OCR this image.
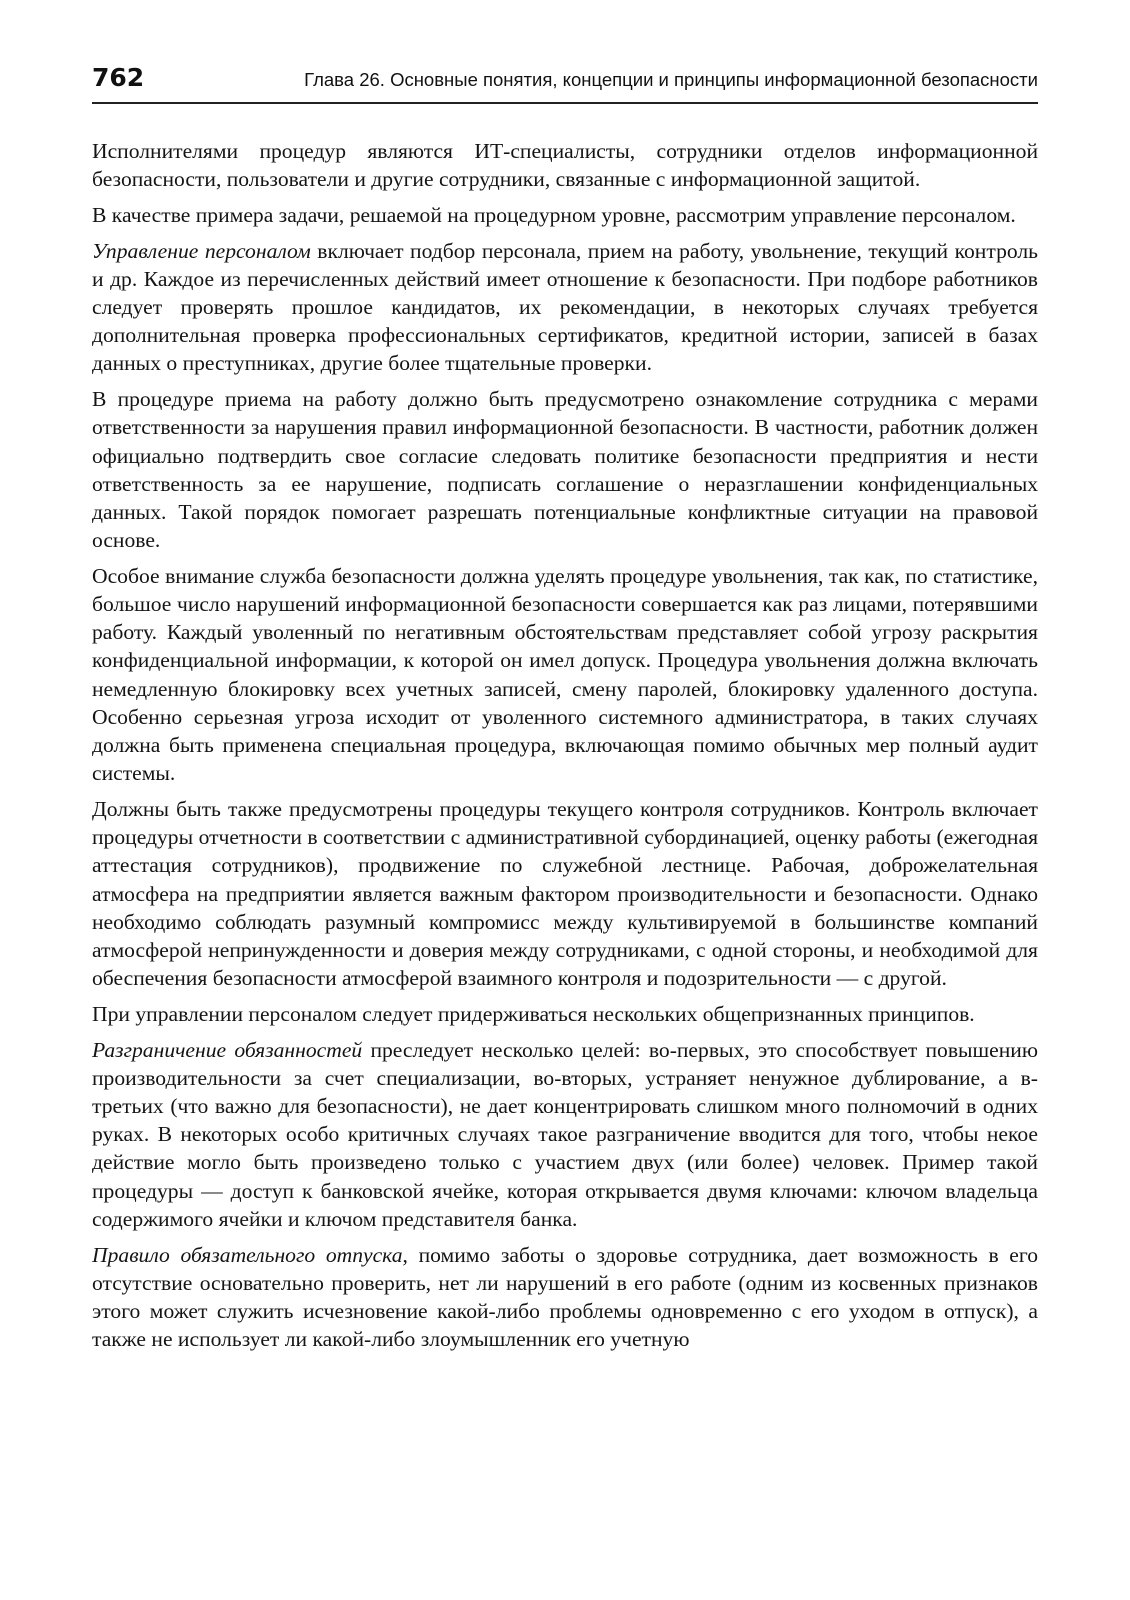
762	Глава 26. Основные понятия, концепции и принципы информационной безопасности

Исполнителями процедур являются ИТ-специалисты, сотрудники отделов информационной безопасности, пользователи и другие сотрудники, связанные с информационной защитой.

В качестве примера задачи, решаемой на процедурном уровне, рассмотрим управление персоналом.

Управление персоналом включает подбор персонала, прием на работу, увольнение, текущий контроль и др. Каждое из перечисленных действий имеет отношение к безопасности. При подборе работников следует проверять прошлое кандидатов, их рекомендации, в некоторых случаях требуется дополнительная проверка профессиональных сертификатов, кредитной истории, записей в базах данных о преступниках, другие более тщательные проверки.

В процедуре приема на работу должно быть предусмотрено ознакомление сотрудника с мерами ответственности за нарушения правил информационной безопасности. В частности, работник должен официально подтвердить свое согласие следовать политике безопасности предприятия и нести ответственность за ее нарушение, подписать соглашение о неразглашении конфиденциальных данных. Такой порядок помогает разрешать потенциальные конфликтные ситуации на правовой основе.

Особое внимание служба безопасности должна уделять процедуре увольнения, так как, по статистике, большое число нарушений информационной безопасности совершается как раз лицами, потерявшими работу. Каждый уволенный по негативным обстоятельствам представляет собой угрозу раскрытия конфиденциальной информации, к которой он имел допуск. Процедура увольнения должна включать немедленную блокировку всех учетных записей, смену паролей, блокировку удаленного доступа. Особенно серьезная угроза исходит от уволенного системного администратора, в таких случаях должна быть применена специальная процедура, включающая помимо обычных мер полный аудит системы.

Должны быть также предусмотрены процедуры текущего контроля сотрудников. Контроль включает процедуры отчетности в соответствии с административной субординацией, оценку работы (ежегодная аттестация сотрудников), продвижение по служебной лестнице. Рабочая, доброжелательная атмосфера на предприятии является важным фактором производительности и безопасности. Однако необходимо соблюдать разумный компромисс между культивируемой в большинстве компаний атмосферой непринужденности и доверия между сотрудниками, с одной стороны, и необходимой для обеспечения безопасности атмосферой взаимного контроля и подозрительности — с другой.

При управлении персоналом следует придерживаться нескольких общепризнанных принципов.

Разграничение обязанностей преследует несколько целей: во-первых, это способствует повышению производительности за счет специализации, во-вторых, устраняет ненужное дублирование, а в-третьих (что важно для безопасности), не дает концентрировать слишком много полномочий в одних руках. В некоторых особо критичных случаях такое разграничение вводится для того, чтобы некое действие могло быть произведено только с участием двух (или более) человек. Пример такой процедуры — доступ к банковской ячейке, которая открывается двумя ключами: ключом владельца содержимого ячейки и ключом представителя банка.

Правило обязательного отпуска, помимо заботы о здоровье сотрудника, дает возможность в его отсутствие основательно проверить, нет ли нарушений в его работе (одним из косвенных признаков этого может служить исчезновение какой-либо проблемы одновременно с его уходом в отпуск), а также не использует ли какой-либо злоумышленник его учетную
